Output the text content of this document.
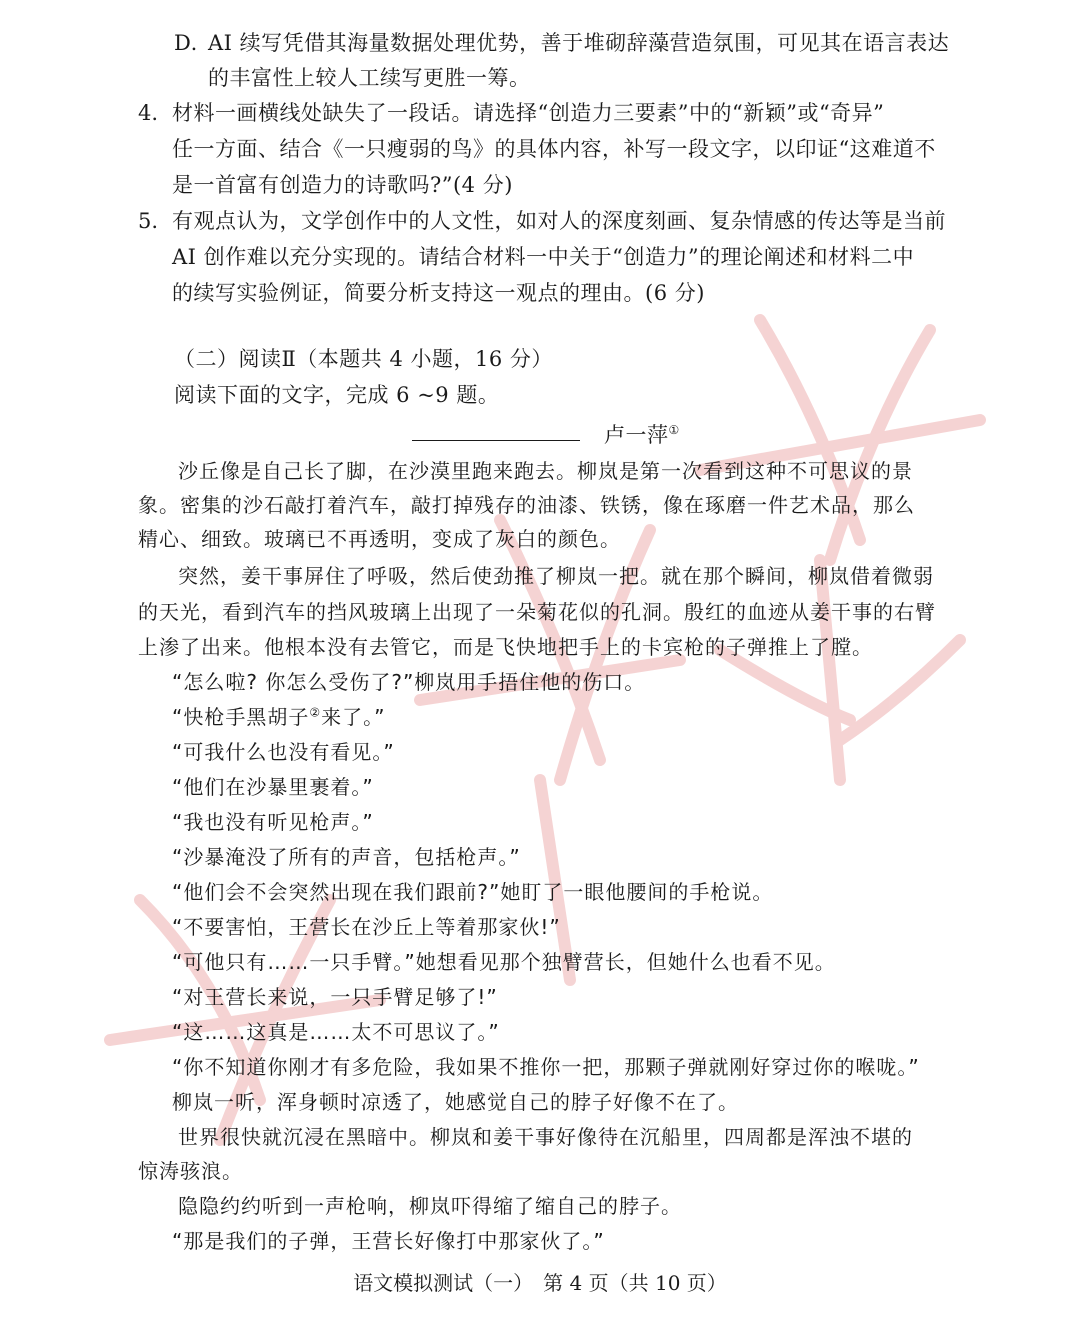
D. AI 续写凭借其海量数据处理优势，善于堆砌辞藻营造氛围，可见其在语言表达
的丰富性上较人工续写更胜一筹。
4. 材料一画横线处缺失了一段话。请选择“创造力三要素”中的“新颖”或“奇异”
任一方面、结合《一只瘦弱的鸟》的具体内容，补写一段文字，以印证“这难道不
是一首富有创造力的诗歌吗?”(4 分)
5. 有观点认为，文学创作中的人文性，如对人的深度刻画、复杂情感的传达等是当前
AI 创作难以充分实现的。请结合材料一中关于“创造力”的理论阐述和材料二中
的续写实验例证，简要分析支持这一观点的理由。(6 分)
（二）阅读Ⅱ（本题共 4 小题，16 分）
阅读下面的文字，完成 6 ~9 题。
卢一萍①
沙丘像是自己长了脚，在沙漠里跑来跑去。柳岚是第一次看到这种不可思议的景
象。密集的沙石敲打着汽车，敲打掉残存的油漆、铁锈，像在琢磨一件艺术品，那么
精心、细致。玻璃已不再透明，变成了灰白的颜色。
突然，姜干事屏住了呼吸，然后使劲推了柳岚一把。就在那个瞬间，柳岚借着微弱
的天光，看到汽车的挡风玻璃上出现了一朵菊花似的孔洞。殷红的血迹从姜干事的右臂
上渗了出来。他根本没有去管它，而是飞快地把手上的卡宾枪的子弹推上了膛。
“怎么啦? 你怎么受伤了?”柳岚用手捂住他的伤口。
“快枪手黑胡子②来了。”
“可我什么也没有看见。”
“他们在沙暴里裹着。”
“我也没有听见枪声。”
“沙暴淹没了所有的声音，包括枪声。”
“他们会不会突然出现在我们跟前?”她盯了一眼他腰间的手枪说。
“不要害怕，王营长在沙丘上等着那家伙!”
“可他只有……一只手臂。”她想看见那个独臂营长，但她什么也看不见。
“对王营长来说，一只手臂足够了!”
“这……这真是……太不可思议了。”
“你不知道你刚才有多危险，我如果不推你一把，那颗子弹就刚好穿过你的喉咙。”
柳岚一听，浑身顿时凉透了，她感觉自己的脖子好像不在了。
世界很快就沉浸在黑暗中。柳岚和姜干事好像待在沉船里，四周都是浑浊不堪的
惊涛骇浪。
隐隐约约听到一声枪响，柳岚吓得缩了缩自己的脖子。
“那是我们的子弹，王营长好像打中那家伙了。”
语文模拟测试（一）　第 4 页（共 10 页）
